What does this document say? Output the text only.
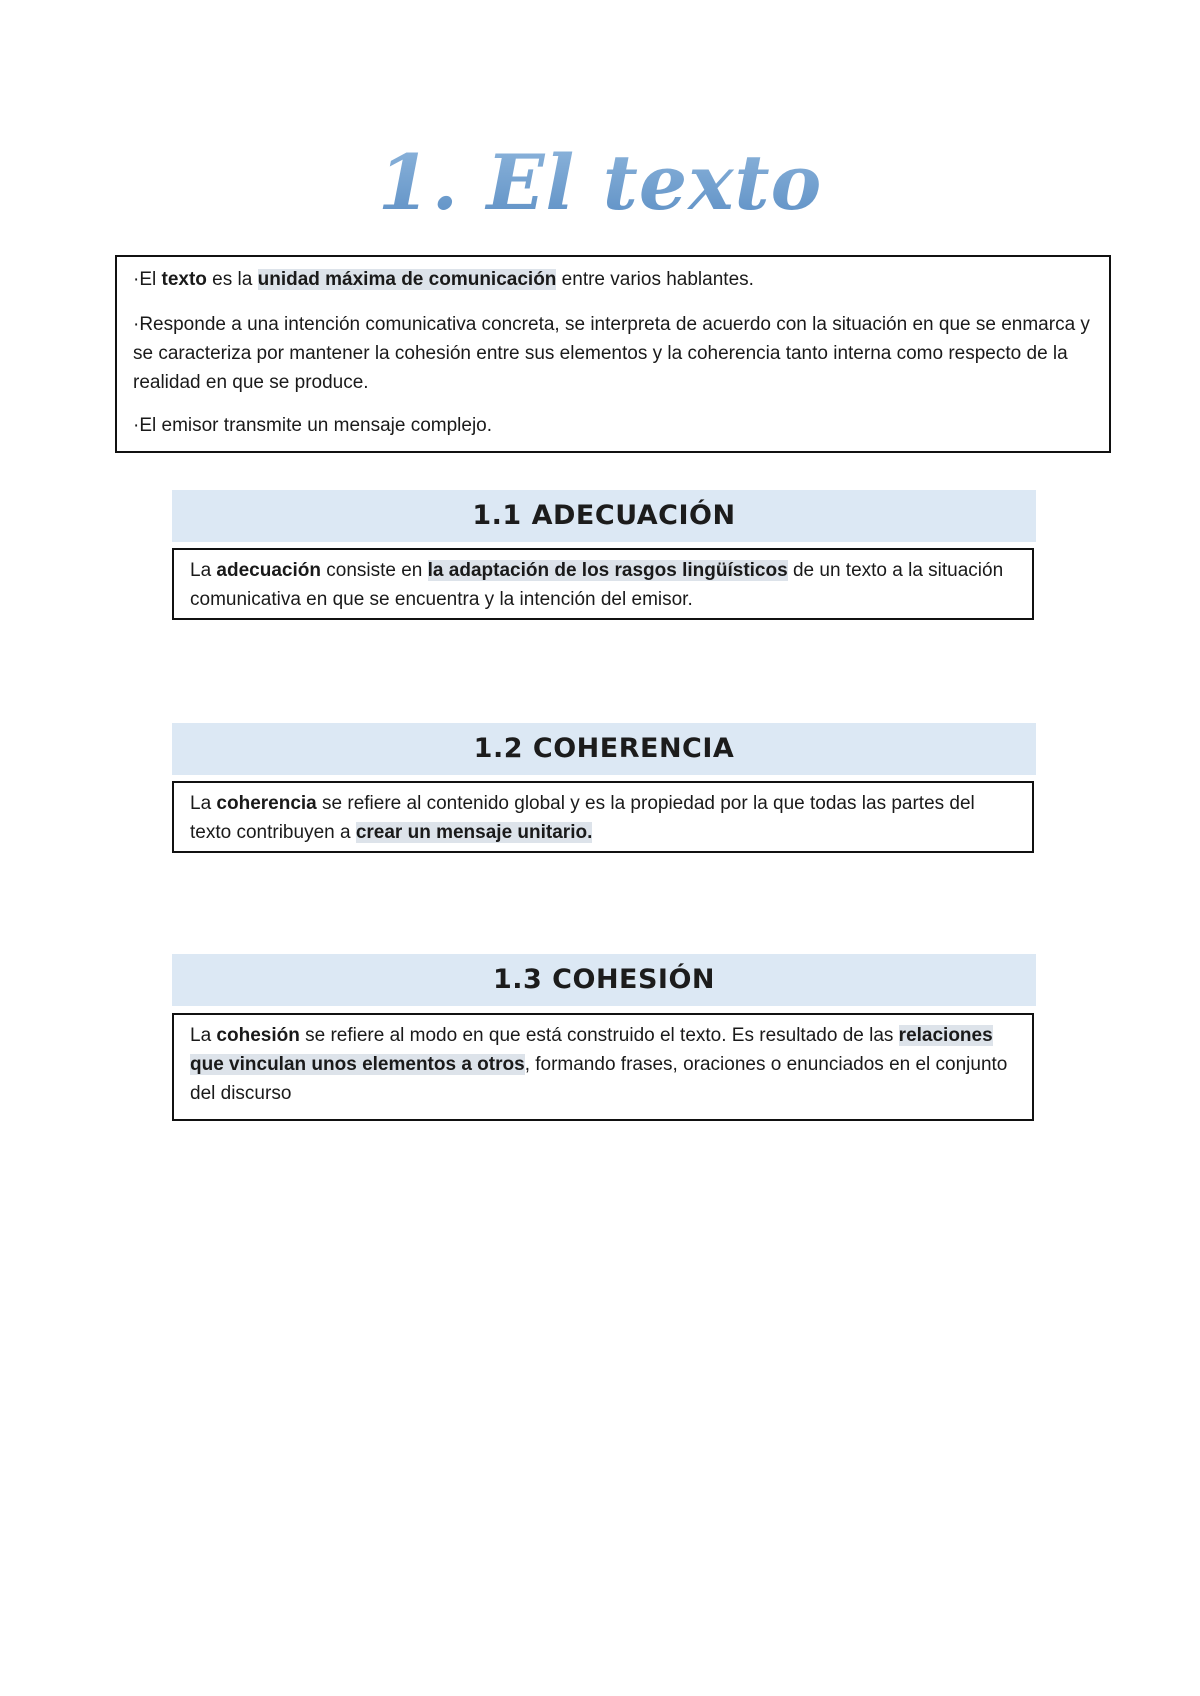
1. El texto

·El texto es la unidad máxima de comunicación entre varios hablantes.

·Responde a una intención comunicativa concreta, se interpreta de acuerdo con la situación en que se enmarca y se caracteriza por mantener la cohesión entre sus elementos y la coherencia tanto interna como respecto de la realidad en que se produce.

·El emisor transmite un mensaje complejo.

1.1 ADECUACIÓN
La adecuación consiste en la adaptación de los rasgos lingüísticos de un texto a la situación comunicativa en que se encuentra y la intención del emisor.
1.2 COHERENCIA
La coherencia se refiere al contenido global y es la propiedad por la que todas las partes del texto contribuyen a crear un mensaje unitario.
1.3 COHESIÓN
La cohesión se refiere al modo en que está construido el texto. Es resultado de las relaciones que vinculan unos elementos a otros, formando frases, oraciones o enunciados en el conjunto del discurso
